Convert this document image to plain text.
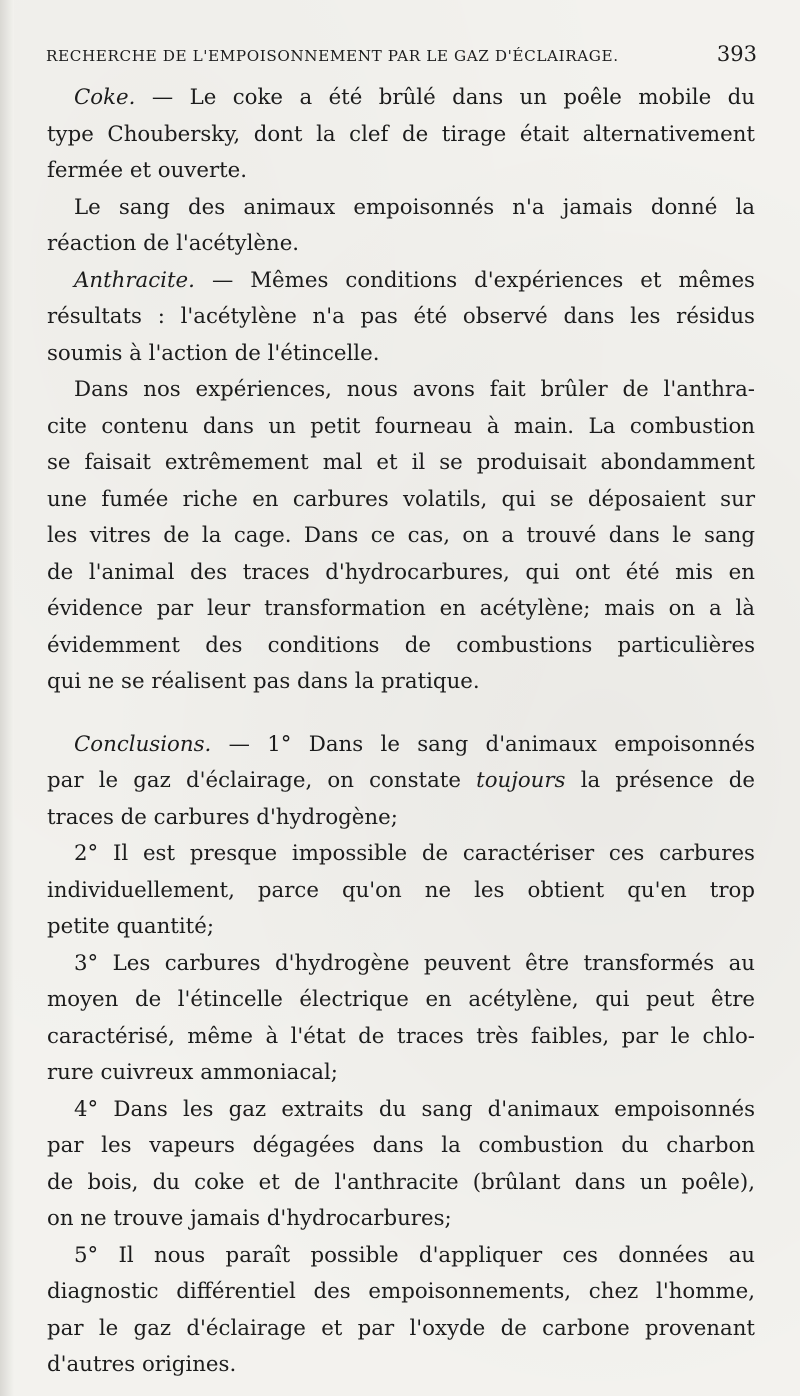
RECHERCHE DE L'EMPOISONNEMENT PAR LE GAZ D'ÉCLAIRAGE.	393
Coke. — Le coke a été brûlé dans un poêle mobile du
type Choubersky, dont la clef de tirage était alternativement
fermée et ouverte.
Le sang des animaux empoisonnés n'a jamais donné la
réaction de l'acétylène.
Anthracite. — Mêmes conditions d'expériences et mêmes
résultats : l'acétylène n'a pas été observé dans les résidus
soumis à l'action de l'étincelle.
Dans nos expériences, nous avons fait brûler de l'anthra-
cite contenu dans un petit fourneau à main. La combustion
se faisait extrêmement mal et il se produisait abondamment
une fumée riche en carbures volatils, qui se déposaient sur
les vitres de la cage. Dans ce cas, on a trouvé dans le sang
de l'animal des traces d'hydrocarbures, qui ont été mis en
évidence par leur transformation en acétylène; mais on a là
évidemment des conditions de combustions particulières
qui ne se réalisent pas dans la pratique.
Conclusions. — 1° Dans le sang d'animaux empoisonnés
par le gaz d'éclairage, on constate toujours la présence de
traces de carbures d'hydrogène;
2° Il est presque impossible de caractériser ces carbures
individuellement, parce qu'on ne les obtient qu'en trop
petite quantité;
3° Les carbures d'hydrogène peuvent être transformés au
moyen de l'étincelle électrique en acétylène, qui peut être
caractérisé, même à l'état de traces très faibles, par le chlo-
rure cuivreux ammoniacal;
4° Dans les gaz extraits du sang d'animaux empoisonnés
par les vapeurs dégagées dans la combustion du charbon
de bois, du coke et de l'anthracite (brûlant dans un poêle),
on ne trouve jamais d'hydrocarbures;
5° Il nous paraît possible d'appliquer ces données au
diagnostic différentiel des empoisonnements, chez l'homme,
par le gaz d'éclairage et par l'oxyde de carbone provenant
d'autres origines.
